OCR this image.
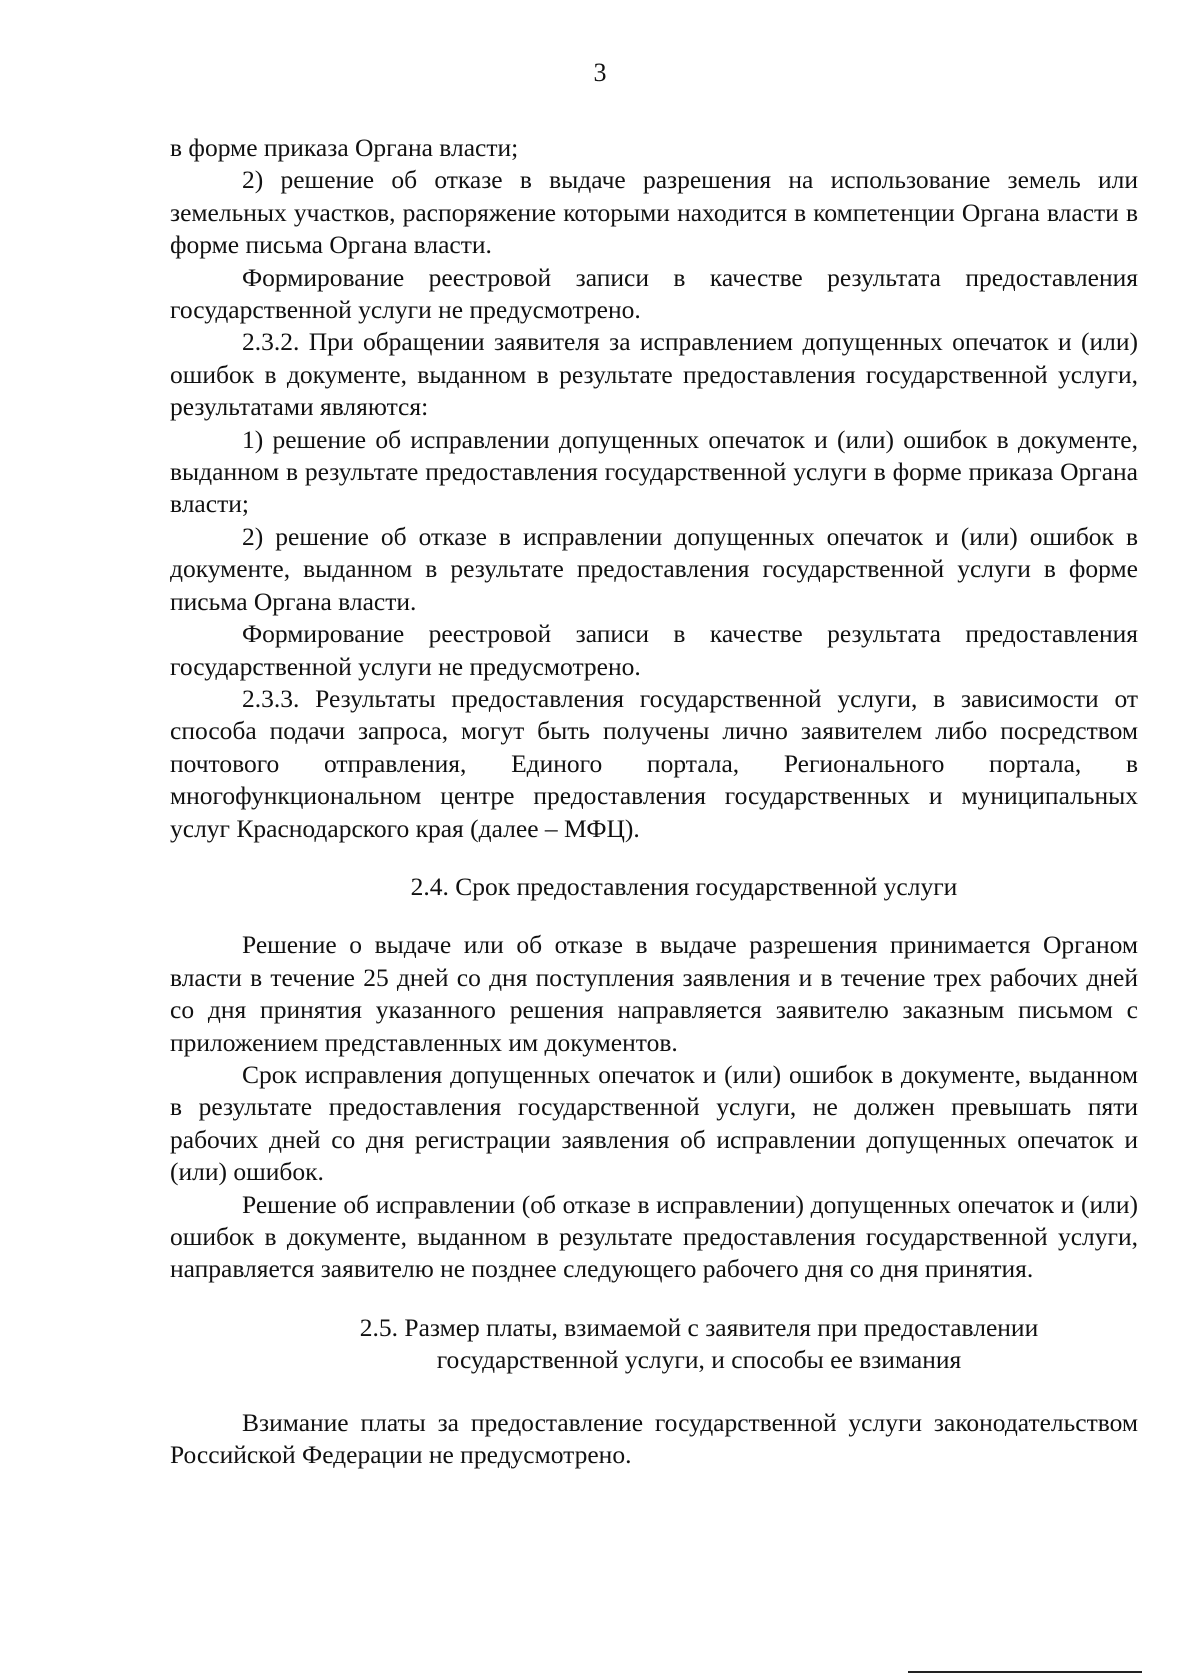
3

в форме приказа Органа власти;

2) решение об отказе в выдаче разрешения на использование земель или земельных участков, распоряжение которыми находится в компетенции Органа власти в форме письма Органа власти.

Формирование реестровой записи в качестве результата предоставления государственной услуги не предусмотрено.

2.3.2. При обращении заявителя за исправлением допущенных опечаток и (или) ошибок в документе, выданном в результате предоставления государственной услуги, результатами являются:

1) решение об исправлении допущенных опечаток и (или) ошибок в документе, выданном в результате предоставления государственной услуги в форме приказа Органа власти;

2) решение об отказе в исправлении допущенных опечаток и (или) ошибок в документе, выданном в результате предоставления государственной услуги в форме письма Органа власти.

Формирование реестровой записи в качестве результата предоставления государственной услуги не предусмотрено.

2.3.3. Результаты предоставления государственной услуги, в зависимости от способа подачи запроса, могут быть получены лично заявителем либо посредством почтового отправления, Единого портала, Регионального портала, в многофункциональном центре предоставления государственных и муниципальных услуг Краснодарского края (далее – МФЦ).

2.4. Срок предоставления государственной услуги

Решение о выдаче или об отказе в выдаче разрешения принимается Органом власти в течение 25 дней со дня поступления заявления и в течение трех рабочих дней со дня принятия указанного решения направляется заявителю заказным письмом с приложением представленных им документов.

Срок исправления допущенных опечаток и (или) ошибок в документе, выданном в результате предоставления государственной услуги, не должен превышать пяти рабочих дней со дня регистрации заявления об исправлении допущенных опечаток и (или) ошибок.

Решение об исправлении (об отказе в исправлении) допущенных опечаток и (или) ошибок в документе, выданном в результате предоставления государственной услуги, направляется заявителю не позднее следующего рабочего дня со дня принятия.

2.5. Размер платы, взимаемой с заявителя при предоставлении
государственной услуги, и способы ее взимания

Взимание платы за предоставление государственной услуги законодательством Российской Федерации не предусмотрено.
